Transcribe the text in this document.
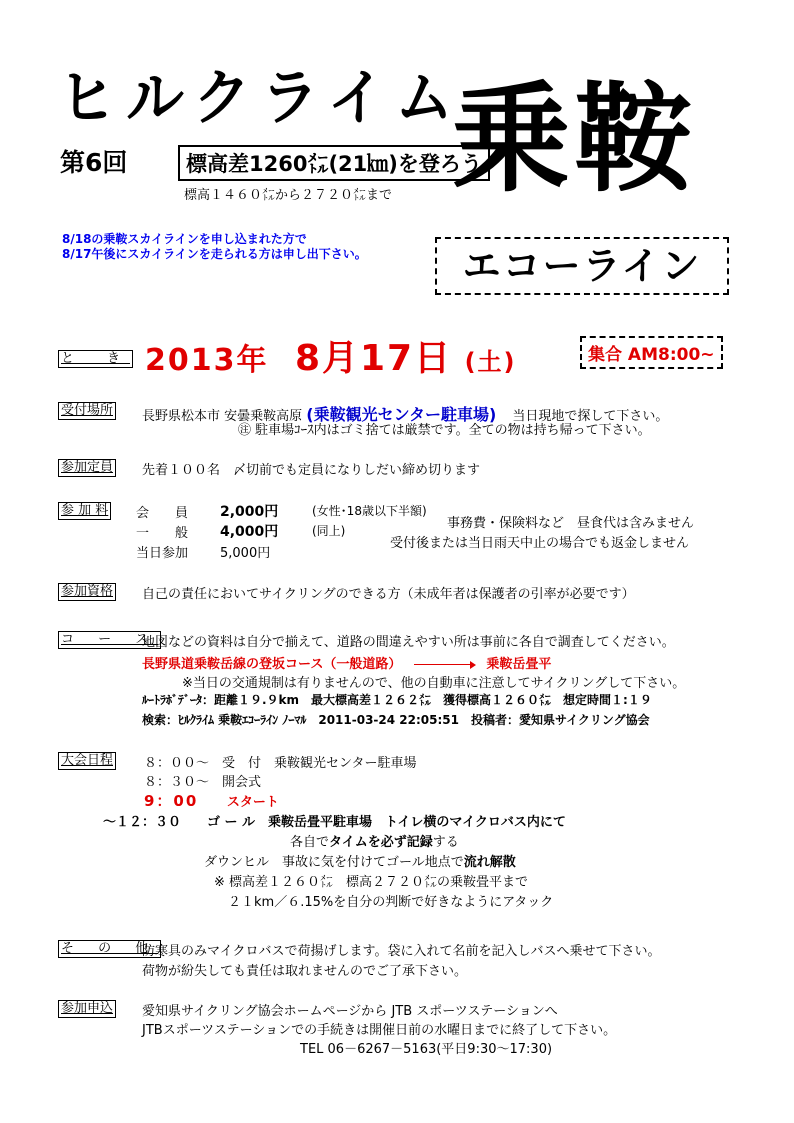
ヒルクライム
乗鞍
第6回	標高差1260㍍(21㎞)を登ろう
標高１４６０㍍から２７２０㍍まで
8/18の乗鞍スカイラインを申し込まれた方で
8/17午後にスカイラインを走られる方は申し出下さい。	エコーライン
と　き 2013年 8月17日 (土)	集合 AM8:00~
受付場所 長野県松本市 安曇乗鞍高原 (乗鞍観光センター駐車場) 当日現地で探して下さい。
㊟ 駐車場ｺｰｽ内はゴミ捨ては厳禁です。全ての物は持ち帰って下さい。
参加定員 先着１００名　〆切前でも定員になりしだい締め切ります
参 加 料 会　　員 2,000円	(女性･18歳以下半額)
一　　般 4,000円	(同上)
当日参加 5,000円
事務費・保険料など　昼食代は含みません
受付後または当日雨天中止の場合でも返金しません
参加資格 自己の責任においてサイクリングのできる方（未成年者は保護者の引率が必要です）
コ ー ス
地図などの資料は自分で揃えて、道路の間違えやすい所は事前に各自で調査してください。
長野県道乗鞍岳線の登坂コース（一般道路）	乗鞍岳畳平
※当日の交通規制は有りませんので、他の自動車に注意してサイクリングして下さい。
ﾙｰﾄﾗﾎﾞﾃﾞｰﾀ：距離１９.９km　最大標高差１２６２㍍　獲得標高１２６０㍍　想定時間１:１９
検索：ﾋﾙｸﾗｲﾑ 乗鞍ｴｺｰﾗｲﾝ ﾉｰﾏﾙ　2011-03-24 22:05:51　投稿者：愛知県サイクリング協会
大会日程 ８：００～　受　付　乗鞍観光センター駐車場
８：３０～　開会式
9：00 スタート
～１２：３０　　ゴ ー ル　乗鞍岳畳平駐車場　トイレ横のマイクロバス内にて
各自でタイムを必ず記録する
ダウンヒル　事故に気を付けてゴール地点で流れ解散
※ 標高差１２６０㍍　標高２７２０㍍の乗鞍畳平まで
２１km／６.15%を自分の判断で好きなようにアタック
そ の 他
防寒具のみマイクロバスで荷揚げします。袋に入れて名前を記入しバスへ乗せて下さい。
荷物が紛失しても責任は取れませんのでご了承下さい。
参加申込 愛知県サイクリング協会ホームページから JTB スポーツステーションへ
JTBスポーツステーションでの手続きは開催日前の水曜日までに終了して下さい。
TEL 06－6267－5163(平日9:30～17:30)
